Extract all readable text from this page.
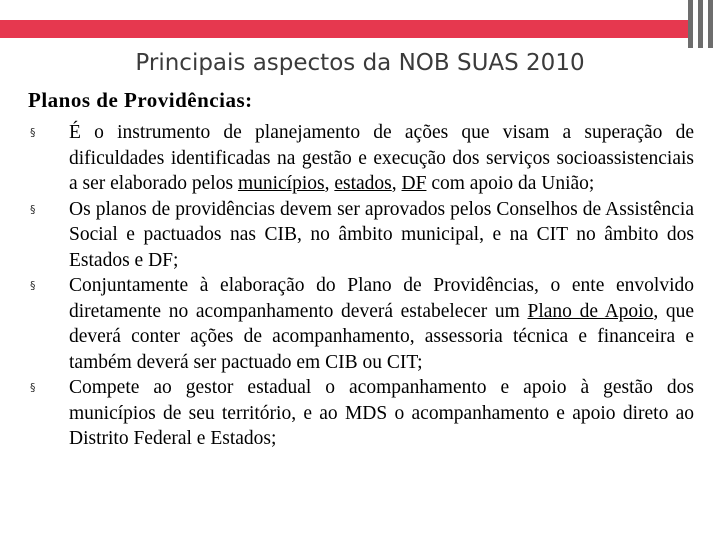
Principais aspectos da NOB SUAS 2010
Planos de Providências:
§ É o instrumento de planejamento de ações que visam a superação de dificuldades identificadas na gestão e execução dos serviços socioassistenciais a ser elaborado pelos municípios, estados, DF com apoio da União;
§ Os planos de providências devem ser aprovados pelos Conselhos de Assistência Social e pactuados nas CIB, no âmbito municipal, e na CIT no âmbito dos Estados e DF;
§ Conjuntamente à elaboração do Plano de Providências, o ente envolvido diretamente no acompanhamento deverá estabelecer um Plano de Apoio, que deverá conter ações de acompanhamento, assessoria técnica e financeira e também deverá ser pactuado em CIB ou CIT;
§ Compete ao gestor estadual o acompanhamento e apoio à gestão dos municípios de seu território, e ao MDS o acompanhamento e apoio direto ao Distrito Federal e Estados;
